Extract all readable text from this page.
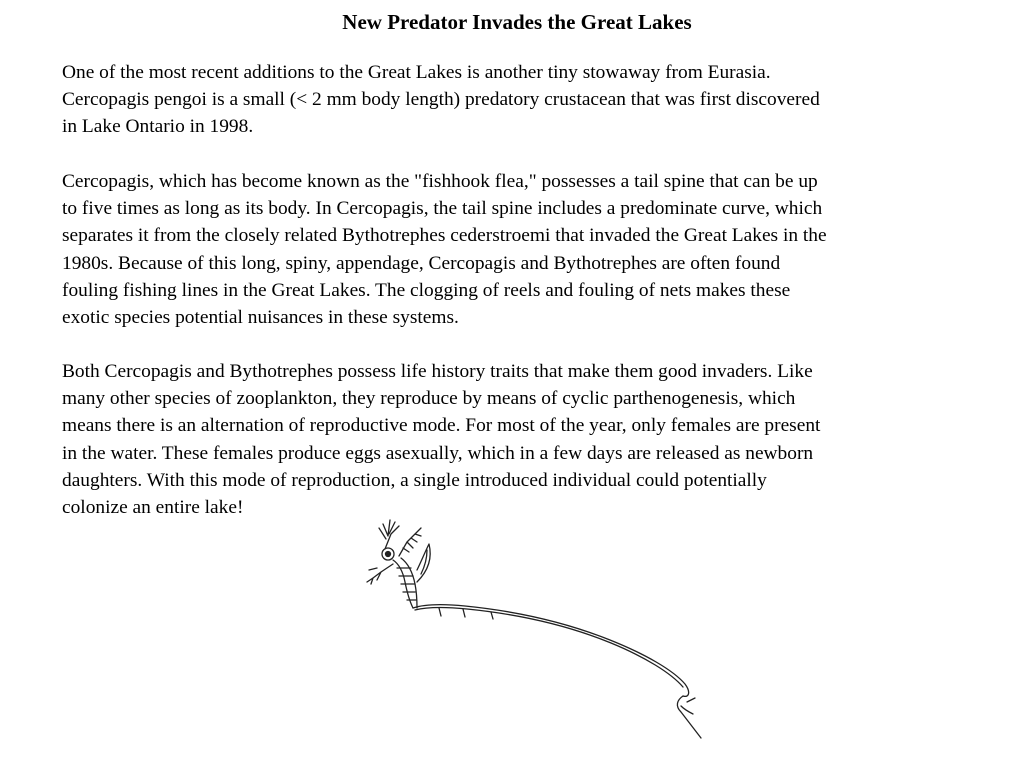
New Predator Invades the Great Lakes

One of the most recent additions to the Great Lakes is another tiny stowaway from Eurasia.
Cercopagis pengoi is a small (< 2 mm body length) predatory crustacean that was first discovered
in Lake Ontario in 1998.

Cercopagis, which has become known as the "fishhook flea," possesses a tail spine that can be up
to five times as long as its body. In Cercopagis, the tail spine includes a predominate curve, which
separates it from the closely related Bythotrephes cederstroemi that invaded the Great Lakes in the
1980s. Because of this long, spiny, appendage, Cercopagis and Bythotrephes are often found
fouling fishing lines in the Great Lakes. The clogging of reels and fouling of nets makes these
exotic species potential nuisances in these systems.

Both Cercopagis and Bythotrephes possess life history traits that make them good invaders. Like
many other species of zooplankton, they reproduce by means of cyclic parthenogenesis, which
means there is an alternation of reproductive mode. For most of the year, only females are present
in the water. These females produce eggs asexually, which in a few days are released as newborn
daughters. With this mode of reproduction, a single introduced individual could potentially
colonize an entire lake!
